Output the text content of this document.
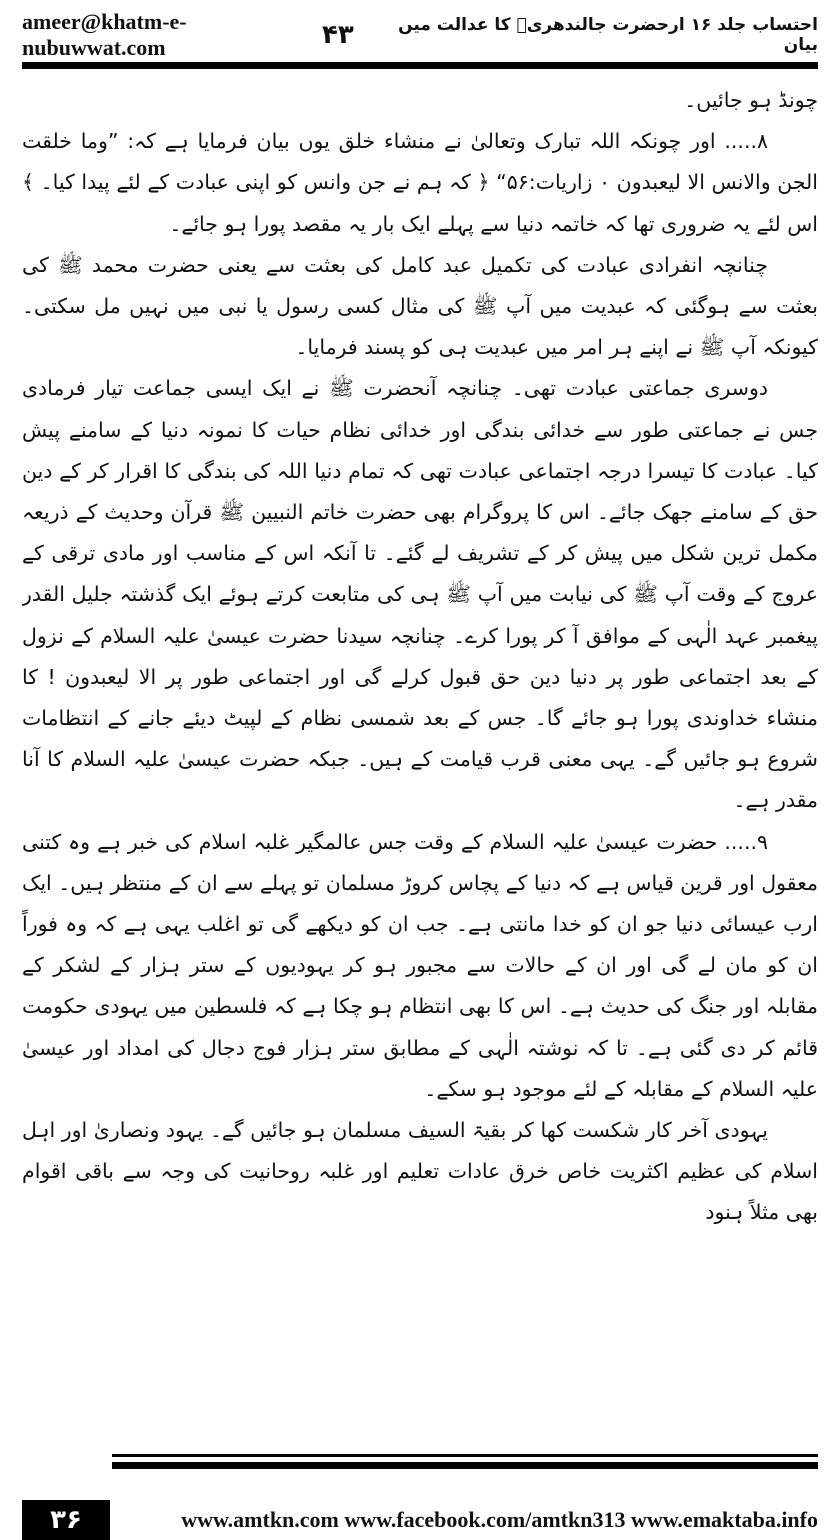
ameer@khatm-e-nubuwwat.com
احتساب جلد ۱۶ ارحضرت جالندھریؒ کا عدالت میں بیان
۴۳

چونڈ ہو جائیں۔

۸..... اور چونکہ اللہ تبارک وتعالیٰ نے منشاء خلق یوں بیان فرمایا ہے کہ: ”وما خلقت الجن والانس الا لیعبدون ۰ زاریات:۵۶“ ﴿ کہ ہم نے جن وانس کو اپنی عبادت کے لئے پیدا کیا۔ ﴾ اس لئے یہ ضروری تھا کہ خاتمہ دنیا سے پہلے ایک بار یہ مقصد پورا ہو جائے۔

چنانچہ انفرادی عبادت کی تکمیل عبد کامل کی بعثت سے یعنی حضرت محمد ﷺ کی بعثت سے ہوگئی کہ عبدیت میں آپ ﷺ کی مثال کسی رسول یا نبی میں نہیں مل سکتی۔ کیونکہ آپ ﷺ نے اپنے ہر امر میں عبدیت ہی کو پسند فرمایا۔

دوسری جماعتی عبادت تھی۔ چنانچہ آنحضرت ﷺ نے ایک ایسی جماعت تیار فرمادی جس نے جماعتی طور سے خدائی بندگی اور خدائی نظام حیات کا نمونہ دنیا کے سامنے پیش کیا۔ عبادت کا تیسرا درجہ اجتماعی عبادت تھی کہ تمام دنیا اللہ کی بندگی کا اقرار کر کے دین حق کے سامنے جھک جائے۔ اس کا پروگرام بھی حضرت خاتم النبیین ﷺ قرآن وحدیث کے ذریعہ مکمل ترین شکل میں پیش کر کے تشریف لے گئے۔ تا آنکہ اس کے مناسب اور مادی ترقی کے عروج کے وقت آپ ﷺ کی نیابت میں آپ ﷺ ہی کی متابعت کرتے ہوئے ایک گذشتہ جلیل القدر پیغمبر عہد الٰہی کے موافق آ کر پورا کرے۔ چنانچہ سیدنا حضرت عیسیٰ علیہ السلام کے نزول کے بعد اجتماعی طور پر دنیا دین حق قبول کرلے گی اور اجتماعی طور پر الا لیعبدون ! کا منشاء خداوندی پورا ہو جائے گا۔ جس کے بعد شمسی نظام کے لپیٹ دیئے جانے کے انتظامات شروع ہو جائیں گے۔ یہی معنی قرب قیامت کے ہیں۔ جبکہ حضرت عیسیٰ علیہ السلام کا آنا مقدر ہے۔

۹..... حضرت عیسیٰ علیہ السلام کے وقت جس عالمگیر غلبہ اسلام کی خبر ہے وہ کتنی معقول اور قرین قیاس ہے کہ دنیا کے پچاس کروڑ مسلمان تو پہلے سے ان کے منتظر ہیں۔ ایک ارب عیسائی دنیا جو ان کو خدا مانتی ہے۔ جب ان کو دیکھے گی تو اغلب یہی ہے کہ وہ فوراً ان کو مان لے گی اور ان کے حالات سے مجبور ہو کر یہودیوں کے ستر ہزار کے لشکر کے مقابلہ اور جنگ کی حدیث ہے۔ اس کا بھی انتظام ہو چکا ہے کہ فلسطین میں یہودی حکومت قائم کر دی گئی ہے۔ تا کہ نوشتہ الٰہی کے مطابق ستر ہزار فوج دجال کی امداد اور عیسیٰ علیہ السلام کے مقابلہ کے لئے موجود ہو سکے۔

یہودی آخر کار شکست کھا کر بقیۃ السیف مسلمان ہو جائیں گے۔ یہود ونصاریٰ اور اہل اسلام کی عظیم اکثریت خاص خرق عادات تعلیم اور غلبہ روحانیت کی وجہ سے باقی اقوام بھی مثلاً ہنود

۳۶	www.amtkn.com www.facebook.com/amtkn313 www.emaktaba.info
